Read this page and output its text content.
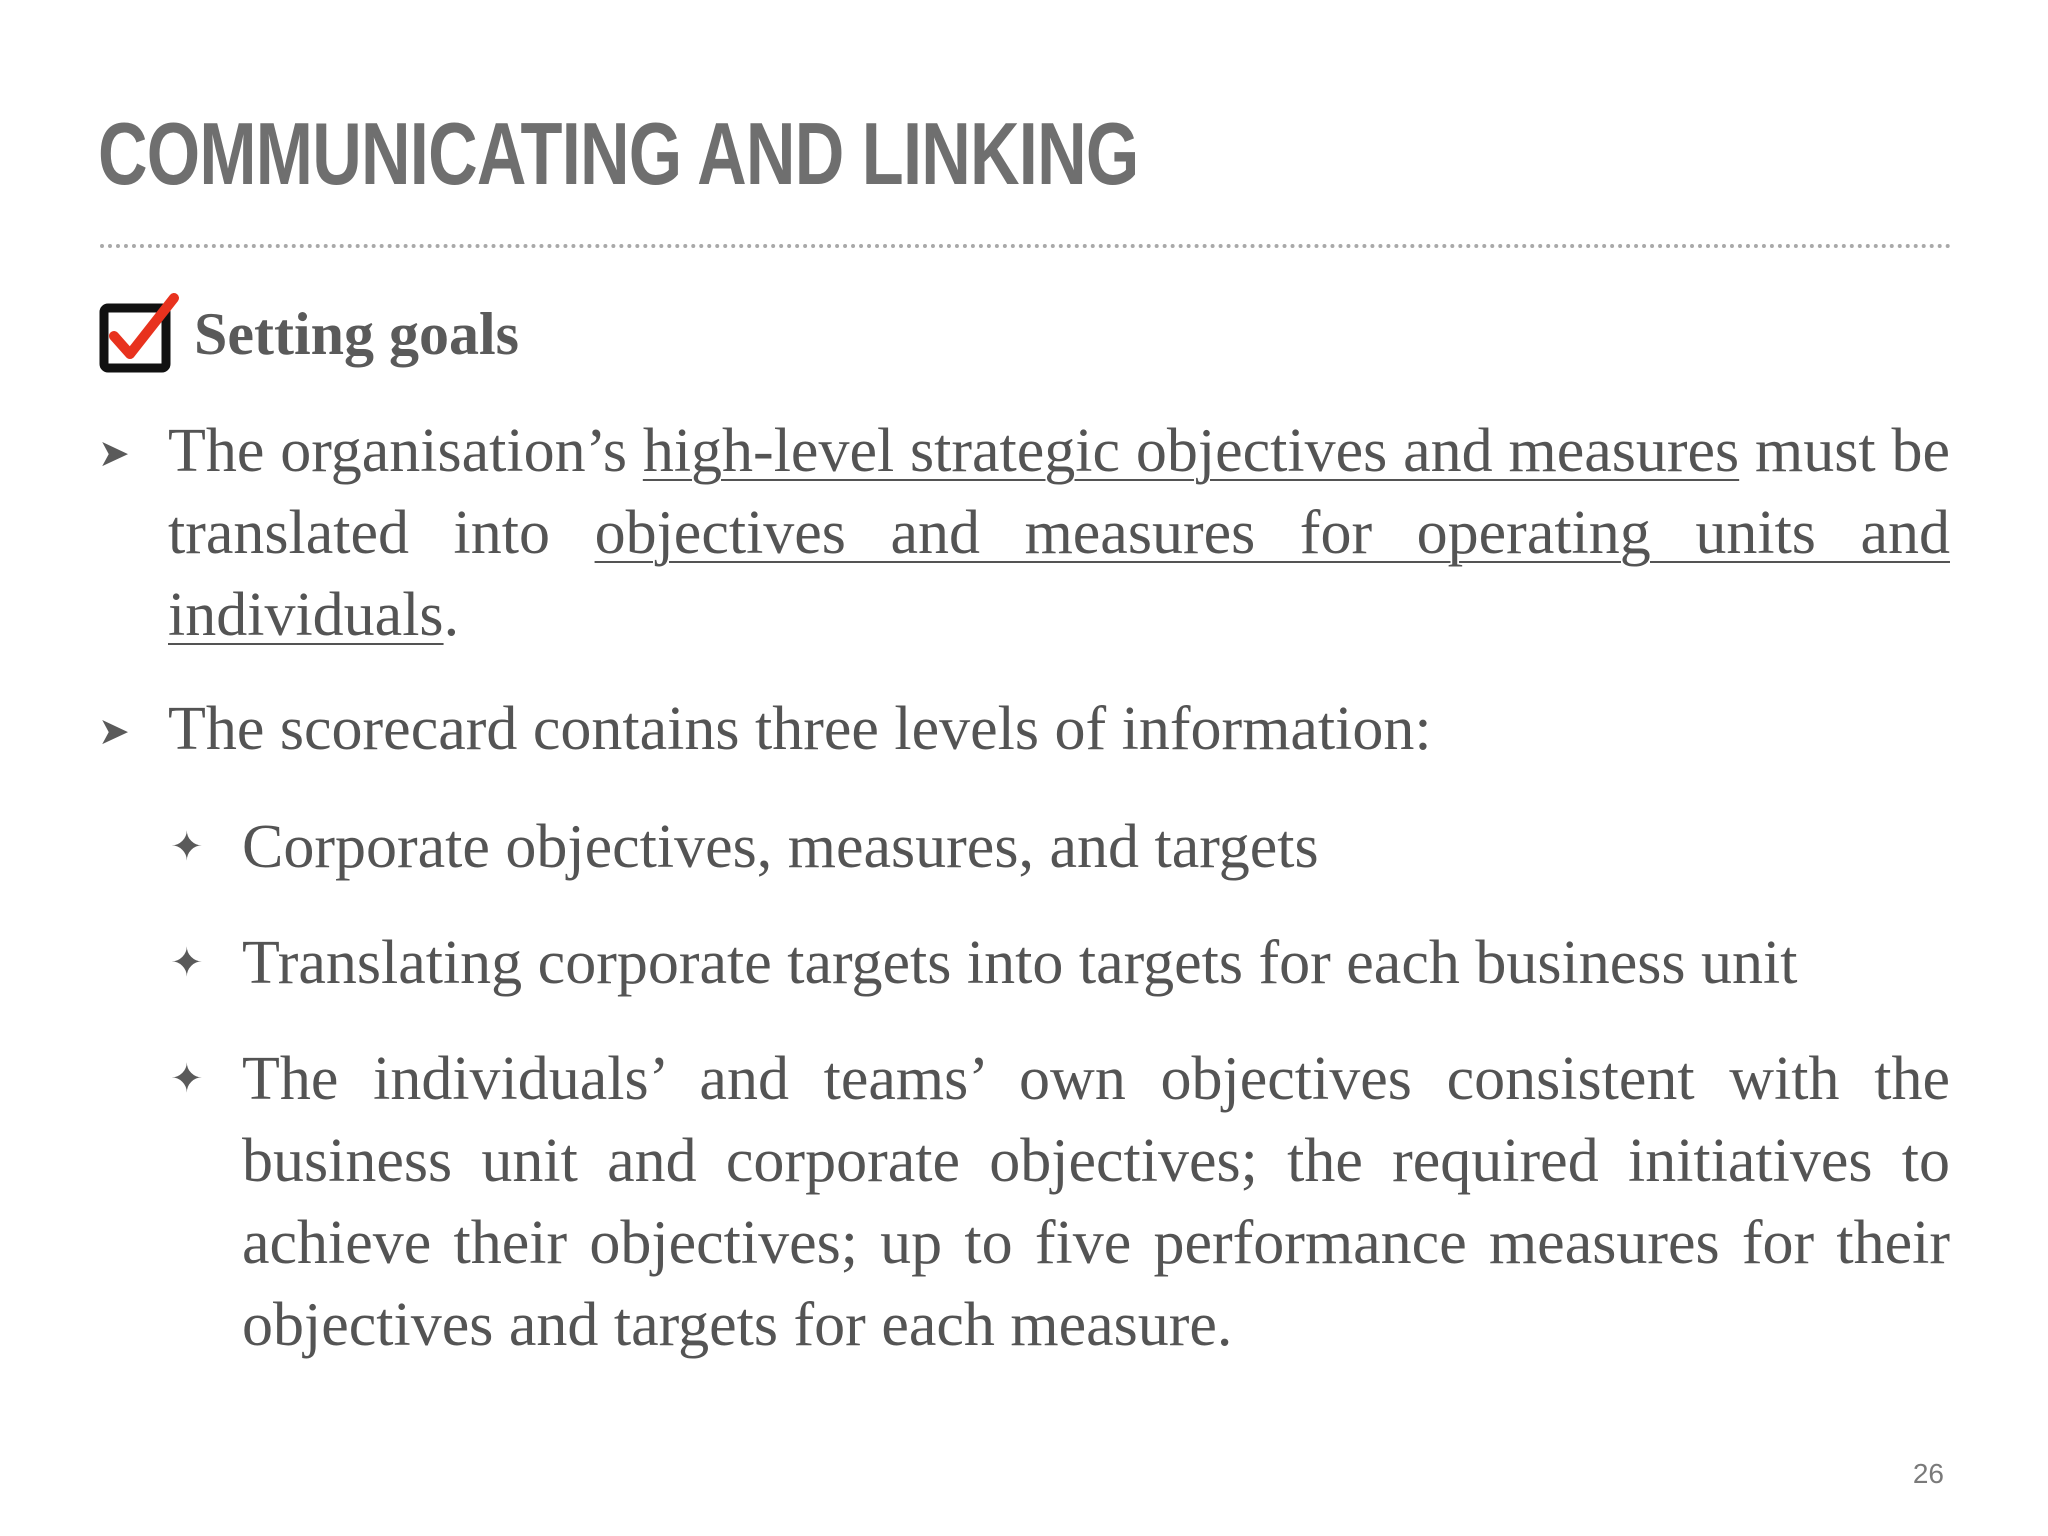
COMMUNICATING AND LINKING
Setting goals
➤ The organisation’s high-level strategic objectives and measures must be translated into objectives and measures for operating units and individuals.
➤ The scorecard contains three levels of information:
✦ Corporate objectives, measures, and targets
✦ Translating corporate targets into targets for each business unit
✦ The individuals’ and teams’ own objectives consistent with the business unit and corporate objectives; the required initiatives to achieve their objectives; up to five performance measures for their objectives and targets for each measure.
26
